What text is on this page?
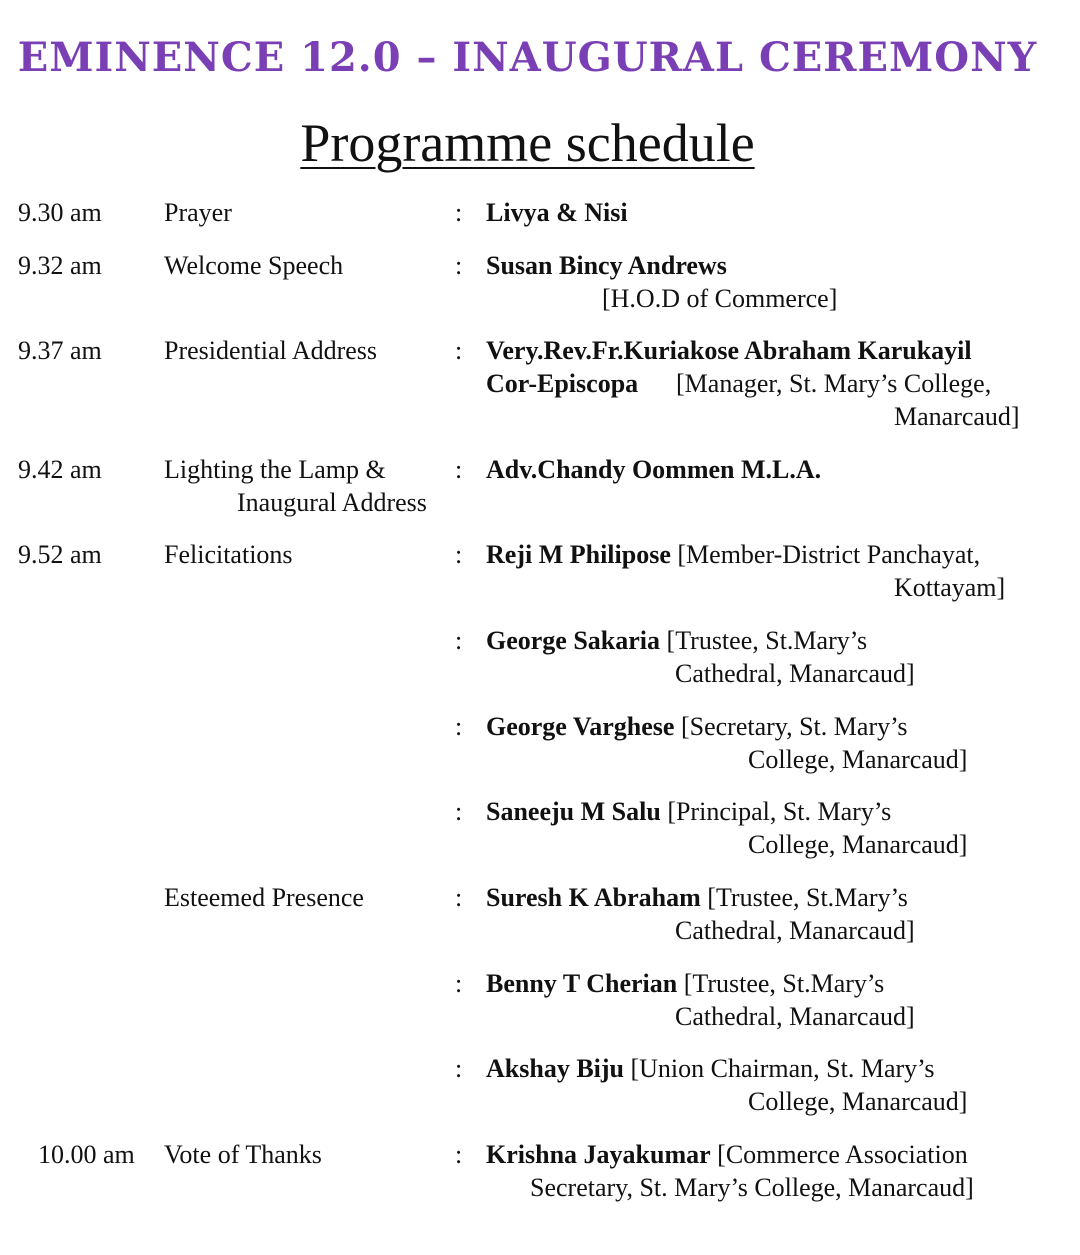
EMINENCE 12.0 – INAUGURAL CEREMONY
Programme schedule
9.30 am Prayer	: Livya & Nisi
9.32 am Welcome Speech	: Susan Bincy Andrews
[H.O.D of Commerce]
9.37 am Presidential Address	: Very.Rev.Fr.Kuriakose Abraham Karukayil
Cor-Episcopa [Manager, St. Mary’s College,
Manarcaud]
9.42 am Lighting the Lamp &
Inaugural Address
: Adv.Chandy Oommen M.L.A.
9.52 am Felicitations	: Reji M Philipose [Member-District Panchayat,
Kottayam]
: George Sakaria [Trustee, St.Mary’s
Cathedral, Manarcaud]
: George Varghese [Secretary, St. Mary’s
College, Manarcaud]
: Saneeju M Salu [Principal, St. Mary’s
College, Manarcaud]
Esteemed Presence	: Suresh K Abraham [Trustee, St.Mary’s
Cathedral, Manarcaud]
: Benny T Cherian [Trustee, St.Mary’s
Cathedral, Manarcaud]
: Akshay Biju [Union Chairman, St. Mary’s
College, Manarcaud]
10.00 am Vote of Thanks	: Krishna Jayakumar [Commerce Association
Secretary, St. Mary’s College, Manarcaud]
